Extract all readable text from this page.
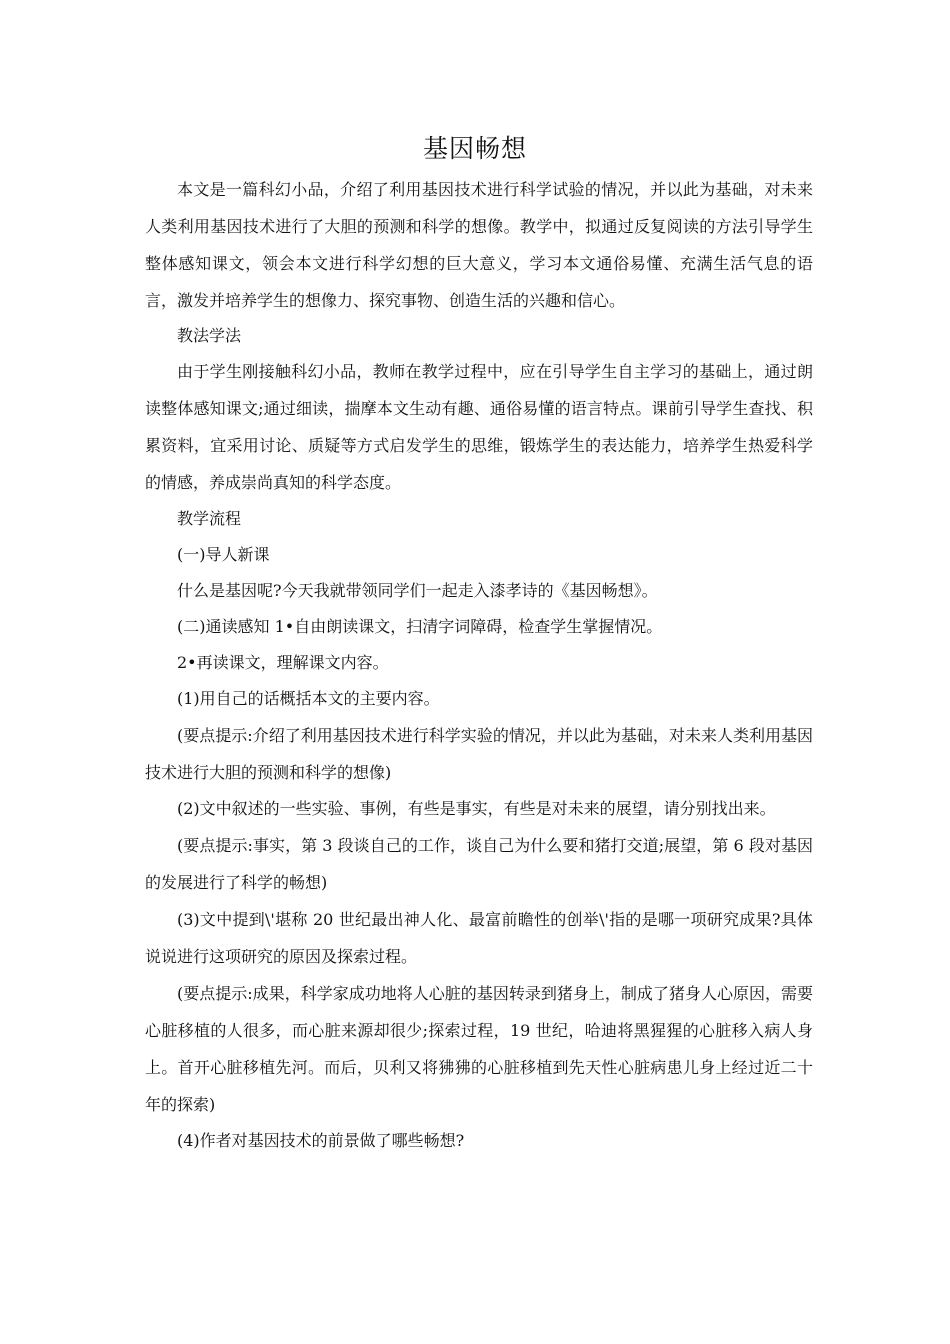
基因畅想

本文是一篇科幻小品，介绍了利用基因技术进行科学试验的情况，并以此为基础，对未来人类利用基因技术进行了大胆的预测和科学的想像。教学中，拟通过反复阅读的方法引导学生整体感知课文，领会本文进行科学幻想的巨大意义，学习本文通俗易懂、充满生活气息的语言，激发并培养学生的想像力、探究事物、创造生活的兴趣和信心。

教法学法

由于学生刚接触科幻小品，教师在教学过程中，应在引导学生自主学习的基础上，通过朗读整体感知课文;通过细读，揣摩本文生动有趣、通俗易懂的语言特点。课前引导学生查找、积累资料，宜采用讨论、质疑等方式启发学生的思维，锻炼学生的表达能力，培养学生热爱科学的情感，养成崇尚真知的科学态度。

教学流程

(一)导人新课

什么是基因呢?今天我就带领同学们一起走入漆孝诗的《基因畅想》。

(二)通读感知 1•自由朗读课文，扫清字词障碍，检查学生掌握情况。

2•再读课文，理解课文内容。

(1)用自己的话概括本文的主要内容。

(要点提示:介绍了利用基因技术进行科学实验的情况，并以此为基础，对未来人类利用基因技术进行大胆的预测和科学的想像)

(2)文中叙述的一些实验、事例，有些是事实，有些是对未来的展望，请分别找出来。

(要点提示:事实，第 3 段谈自己的工作，谈自己为什么要和猪打交道;展望，第 6 段对基因的发展进行了科学的畅想)

(3)文中提到\'堪称 20 世纪最出神人化、最富前瞻性的创举\'指的是哪一项研究成果?具体说说进行这项研究的原因及探索过程。

(要点提示:成果，科学家成功地将人心脏的基因转录到猪身上，制成了猪身人心原因，需要心脏移植的人很多，而心脏来源却很少;探索过程，19 世纪，哈迪将黑猩猩的心脏移入病人身上。首开心脏移植先河。而后，贝利又将狒狒的心脏移植到先天性心脏病患儿身上经过近二十年的探索)

(4)作者对基因技术的前景做了哪些畅想?
